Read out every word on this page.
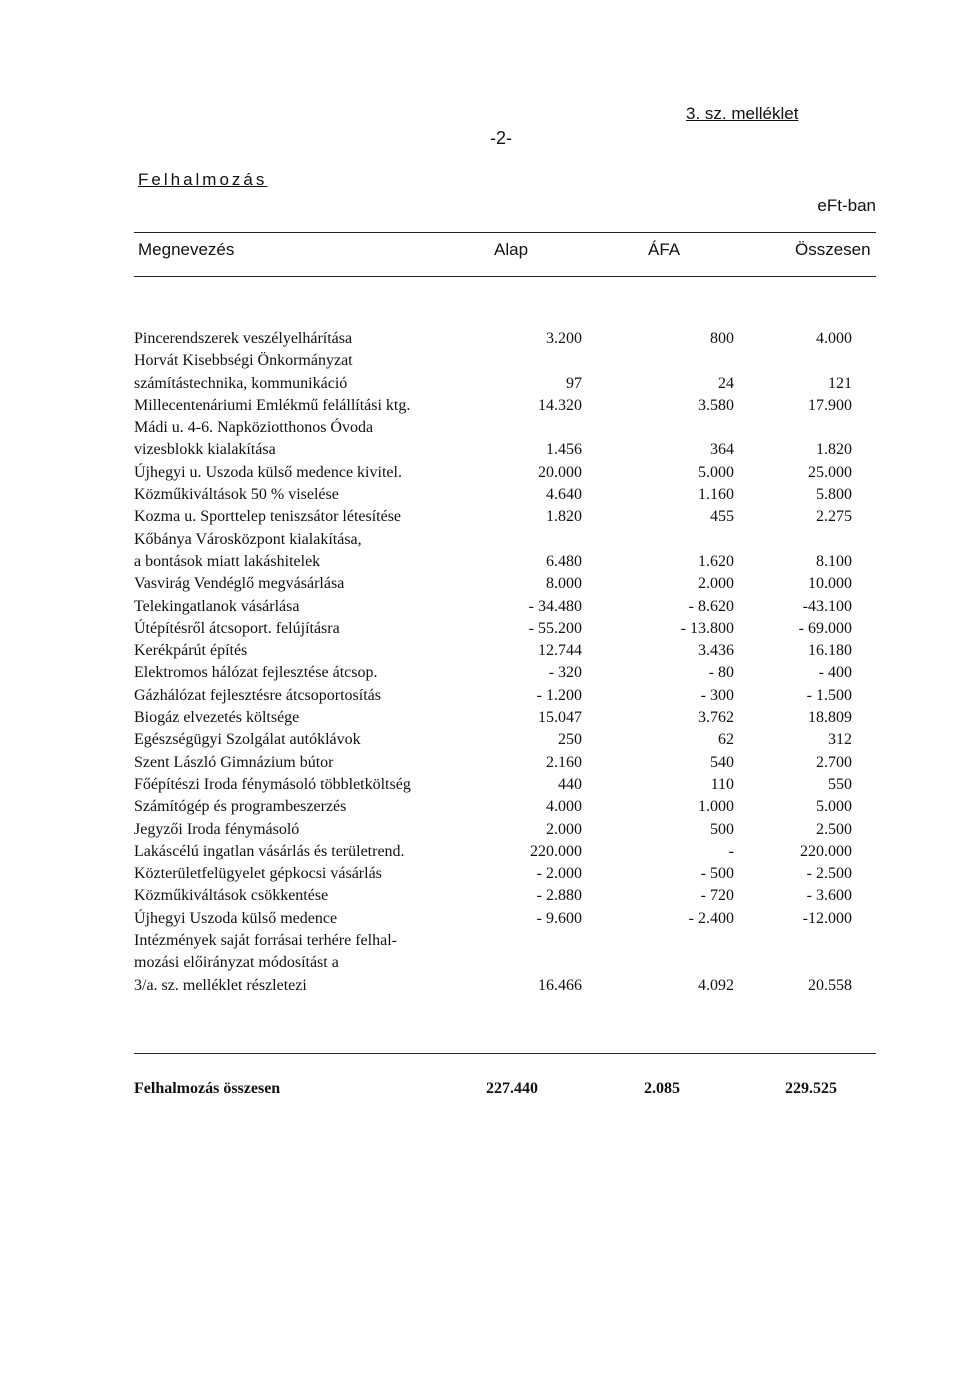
3. sz. melléklet
-2-
Felhalmozás
eFt-ban
Megnevezés	Alap	ÁFA	Összesen
Pincerendszerek veszélyelhárítása	3.200	800	4.000
Horvát Kisebbségi Önkormányzat
számítástechnika, kommunikáció	97	24	121
Millecentenáriumi Emlékmű felállítási ktg.	14.320	3.580	17.900
Mádi u. 4-6. Napköziotthonos Óvoda
vizesblokk kialakítása	1.456	364	1.820
Újhegyi u. Uszoda külső medence kivitel.	20.000	5.000	25.000
Közműkiváltások 50 % viselése	4.640	1.160	5.800
Kozma u. Sporttelep teniszsátor létesítése	1.820	455	2.275
Kőbánya Városközpont kialakítása,
a bontások miatt lakáshitelek	6.480	1.620	8.100
Vasvirág Vendéglő megvásárlása	8.000	2.000	10.000
Telekingatlanok vásárlása	- 34.480	- 8.620	-43.100
Útépítésről átcsoport. felújításra	- 55.200	- 13.800	- 69.000
Kerékpárút építés	12.744	3.436	16.180
Elektromos hálózat fejlesztése átcsop.	- 320	- 80	- 400
Gázhálózat fejlesztésre átcsoportosítás	- 1.200	- 300	- 1.500
Biogáz elvezetés költsége	15.047	3.762	18.809
Egészségügyi Szolgálat autóklávok	250	62	312
Szent László Gimnázium bútor	2.160	540	2.700
Főépítészi Iroda fénymásoló többletköltség	440	110	550
Számítógép és programbeszerzés	4.000	1.000	5.000
Jegyzői Iroda fénymásoló	2.000	500	2.500
Lakáscélú ingatlan vásárlás és területrend.	220.000	-	220.000
Közterületfelügyelet gépkocsi vásárlás	- 2.000	- 500	- 2.500
Közműkiváltások csökkentése	- 2.880	- 720	- 3.600
Újhegyi Uszoda külső medence	- 9.600	- 2.400	-12.000
Intézmények saját forrásai terhére felhal-
mozási előirányzat módosítást a
3/a. sz. melléklet részletezi	16.466	4.092	20.558
Felhalmozás összesen	227.440	2.085	229.525
